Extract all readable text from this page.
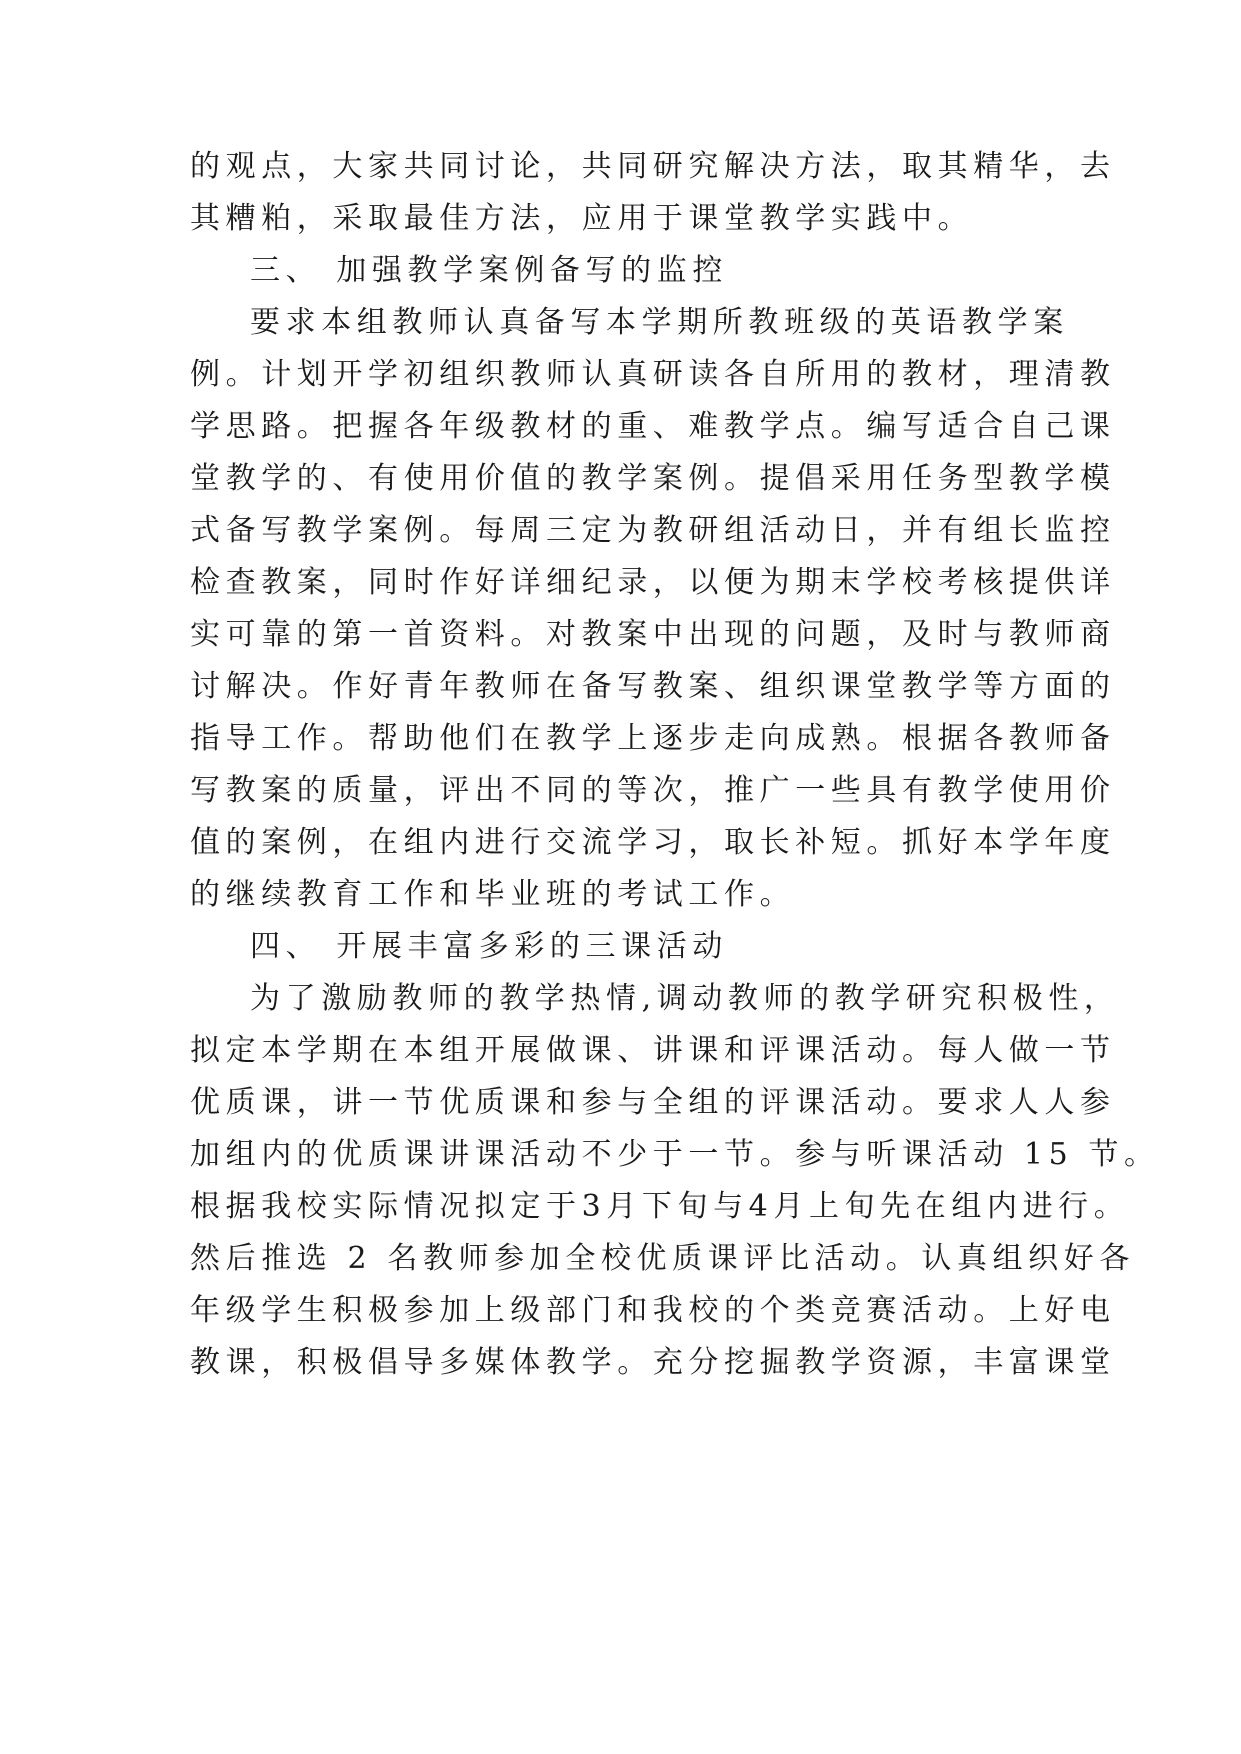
的观点，大家共同讨论，共同研究解决方法，取其精华，去
其糟粕，采取最佳方法，应用于课堂教学实践中。
三、 加强教学案例备写的监控
要求本组教师认真备写本学期所教班级的英语教学案
例。计划开学初组织教师认真研读各自所用的教材，理清教
学思路。把握各年级教材的重、难教学点。编写适合自己课
堂教学的、有使用价值的教学案例。提倡采用任务型教学模
式备写教学案例。每周三定为教研组活动日，并有组长监控
检查教案，同时作好详细纪录，以便为期末学校考核提供详
实可靠的第一首资料。对教案中出现的问题，及时与教师商
讨解决。作好青年教师在备写教案、组织课堂教学等方面的
指导工作。帮助他们在教学上逐步走向成熟。根据各教师备
写教案的质量，评出不同的等次，推广一些具有教学使用价
值的案例，在组内进行交流学习，取长补短。抓好本学年度
的继续教育工作和毕业班的考试工作。
四、 开展丰富多彩的三课活动
为了激励教师的教学热情,调动教师的教学研究积极性，
拟定本学期在本组开展做课、讲课和评课活动。每人做一节
优质课，讲一节优质课和参与全组的评课活动。要求人人参
加组内的优质课讲课活动不少于一节。参与听课活动 15 节。
根据我校实际情况拟定于3月下旬与4月上旬先在组内进行。
然后推选 2 名教师参加全校优质课评比活动。认真组织好各
年级学生积极参加上级部门和我校的个类竞赛活动。上好电
教课，积极倡导多媒体教学。充分挖掘教学资源，丰富课堂
